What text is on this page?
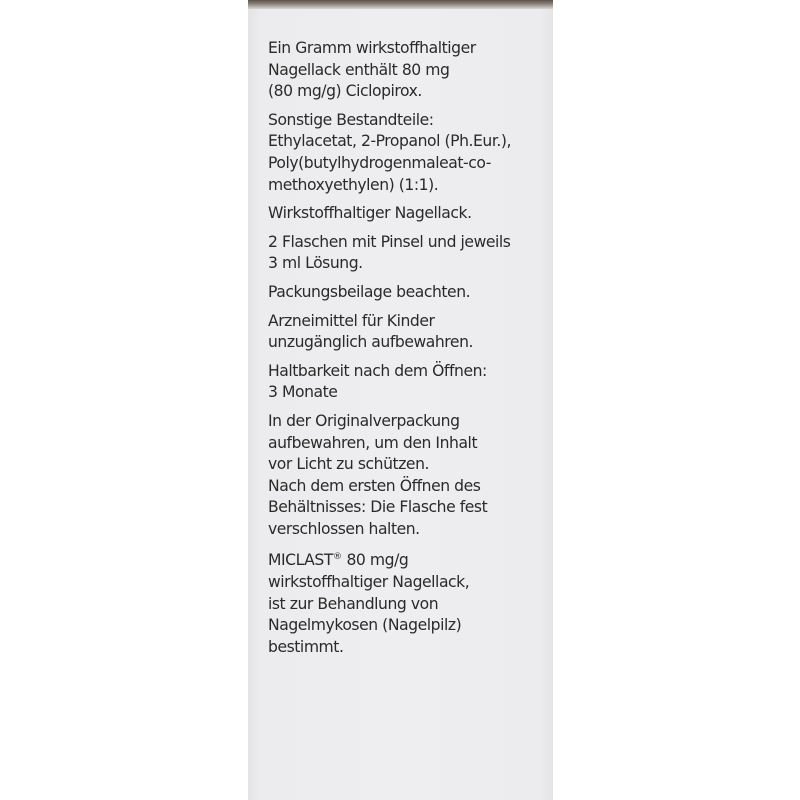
Ein Gramm wirkstoffhaltiger
Nagellack enthält 80 mg
(80 mg/g) Ciclopirox.
Sonstige Bestandteile:
Ethylacetat, 2-Propanol (Ph.Eur.),
Poly(butylhydrogenmaleat-co-
methoxyethylen) (1:1).
Wirkstoffhaltiger Nagellack.
2 Flaschen mit Pinsel und jeweils
3 ml Lösung.
Packungsbeilage beachten.
Arzneimittel für Kinder
unzugänglich aufbewahren.
Haltbarkeit nach dem Öffnen:
3 Monate
In der Originalverpackung
aufbewahren, um den Inhalt
vor Licht zu schützen.
Nach dem ersten Öffnen des
Behältnisses: Die Flasche fest
verschlossen halten.
MICLAST® 80 mg/g
wirkstoffhaltiger Nagellack,
ist zur Behandlung von
Nagelmykosen (Nagelpilz)
bestimmt.
